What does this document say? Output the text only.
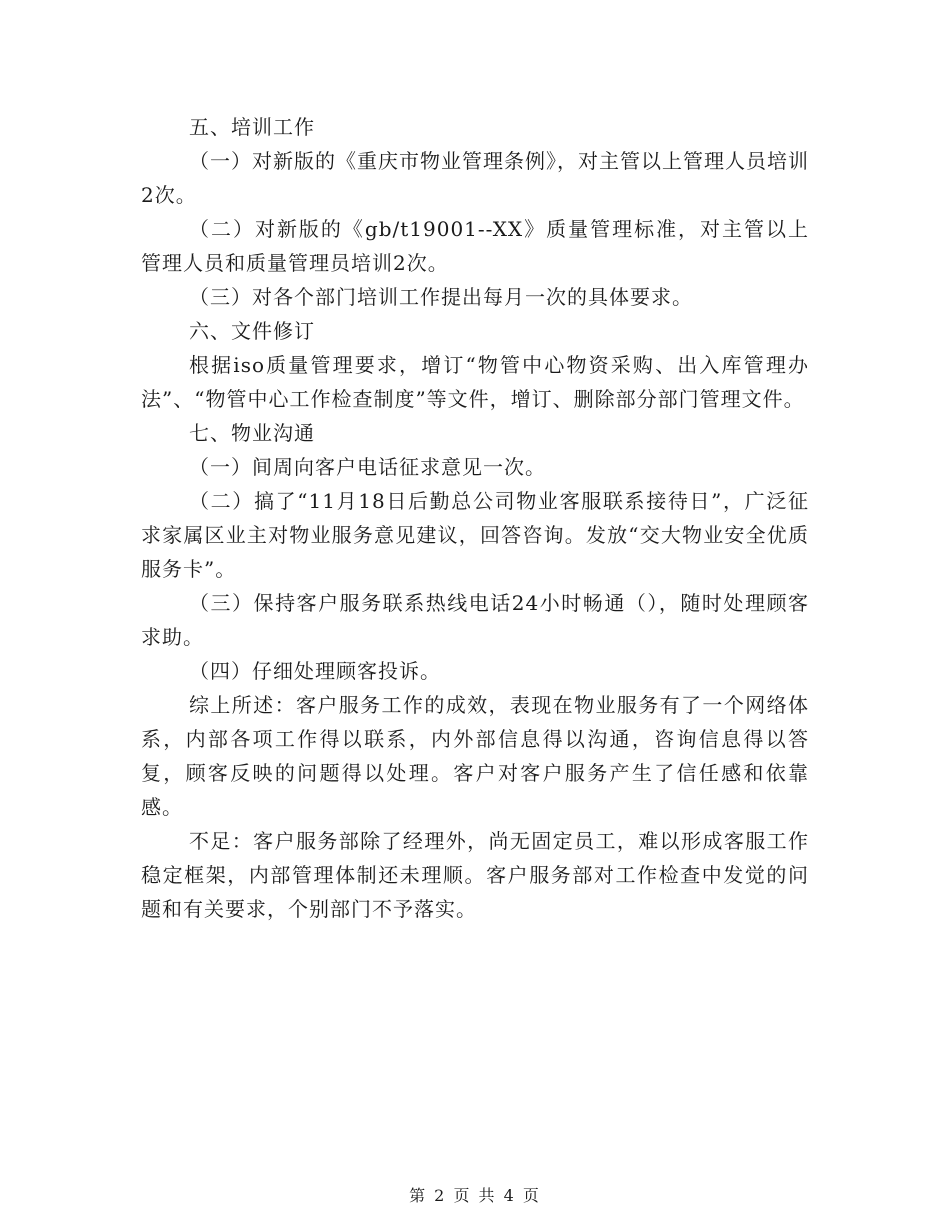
五、培训工作

（一）对新版的《重庆市物业管理条例》，对主管以上管理人员培训2次。

（二）对新版的《gb/t19001--XX》质量管理标准，对主管以上管理人员和质量管理员培训2次。

（三）对各个部门培训工作提出每月一次的具体要求。

六、文件修订

根据iso质量管理要求，增订“物管中心物资采购、出入库管理办法”、“物管中心工作检查制度”等文件，增订、删除部分部门管理文件。

七、物业沟通

（一）间周向客户电话征求意见一次。

（二）搞了“11月18日后勤总公司物业客服联系接待日”，广泛征求家属区业主对物业服务意见建议，回答咨询。发放“交大物业安全优质服务卡”。

（三）保持客户服务联系热线电话24小时畅通（），随时处理顾客求助。

（四）仔细处理顾客投诉。

综上所述：客户服务工作的成效，表现在物业服务有了一个网络体系，内部各项工作得以联系，内外部信息得以沟通，咨询信息得以答复，顾客反映的问题得以处理。客户对客户服务产生了信任感和依靠感。

不足：客户服务部除了经理外，尚无固定员工，难以形成客服工作稳定框架，内部管理体制还未理顺。客户服务部对工作检查中发觉的问题和有关要求，个别部门不予落实。

第 2 页 共 4 页
